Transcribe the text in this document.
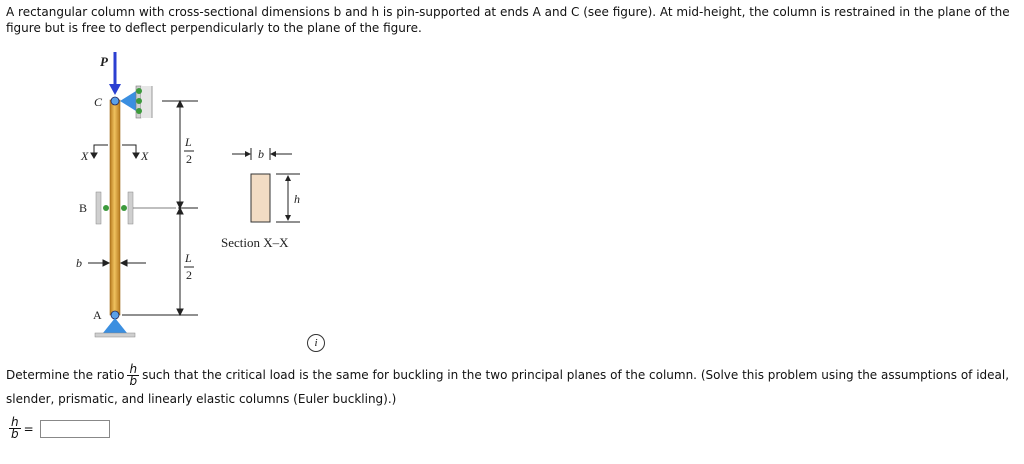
A rectangular column with cross-sectional dimensions b and h is pin-supported at ends A and C (see figure). At mid-height, the column is restrained in the plane of the figure but is free to deflect perpendicularly to the plane of the figure.
P
C
X	X
B
b
A
L
2
L
2
b
h
Section X–X
i
Determine the ratio $\frac{h}{b}$ such that the critical load is the same for buckling in the two principal planes of the column. (Solve this problem using the assumptions of ideal, slender, prismatic, and linearly elastic columns (Euler buckling).)
$\frac{h}{b}$ =
